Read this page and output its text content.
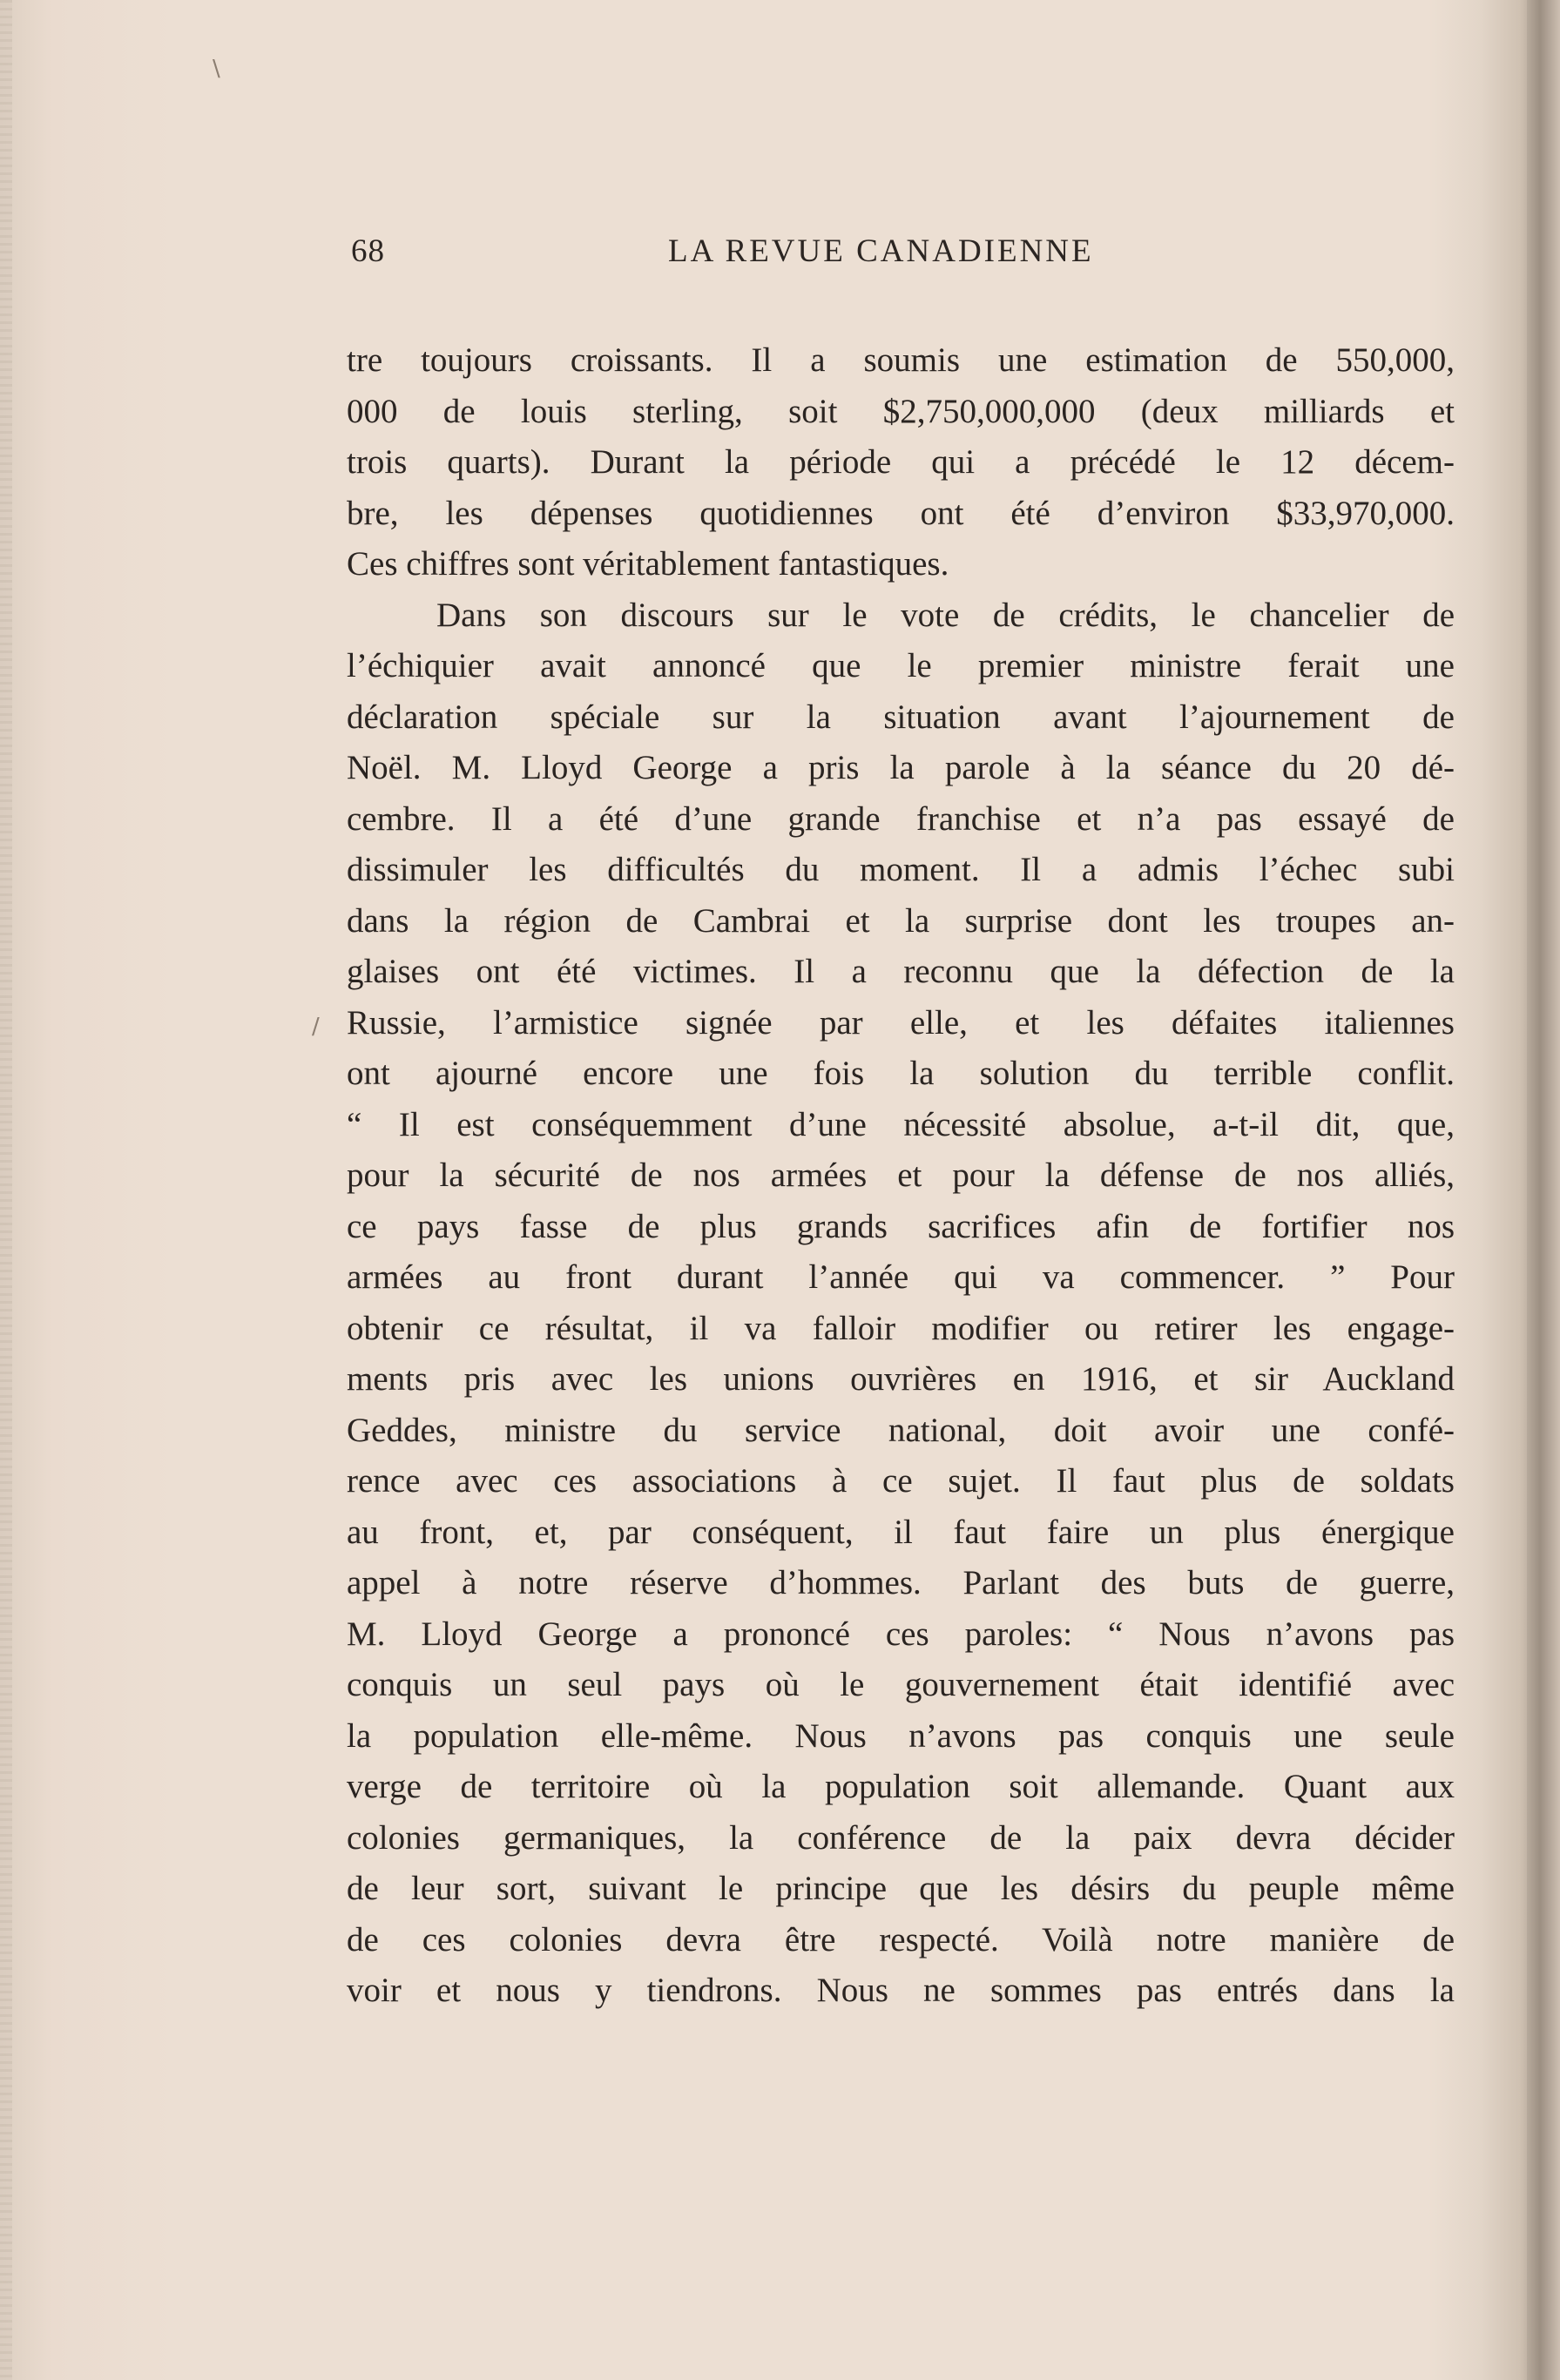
68	LA REVUE CANADIENNE
\
/
tre toujours croissants. Il a soumis une estimation de 550,000,
000 de louis sterling, soit $2,750,000,000 (deux milliards et
trois quarts). Durant la période qui a précédé le 12 décem-
bre, les dépenses quotidiennes ont été d’environ $33,970,000.
Ces chiffres sont véritablement fantastiques.
Dans son discours sur le vote de crédits, le chancelier de
l’échiquier avait annoncé que le premier ministre ferait une
déclaration spéciale sur la situation avant l’ajournement de
Noël. M. Lloyd George a pris la parole à la séance du 20 dé-
cembre. Il a été d’une grande franchise et n’a pas essayé de
dissimuler les difficultés du moment. Il a admis l’échec subi
dans la région de Cambrai et la surprise dont les troupes an-
glaises ont été victimes. Il a reconnu que la défection de la
Russie, l’armistice signée par elle, et les défaites italiennes
ont ajourné encore une fois la solution du terrible conflit.
“ Il est conséquemment d’une nécessité absolue, a-t-il dit, que,
pour la sécurité de nos armées et pour la défense de nos alliés,
ce pays fasse de plus grands sacrifices afin de fortifier nos
armées au front durant l’année qui va commencer. ” Pour
obtenir ce résultat, il va falloir modifier ou retirer les engage-
ments pris avec les unions ouvrières en 1916, et sir Auckland
Geddes, ministre du service national, doit avoir une confé-
rence avec ces associations à ce sujet. Il faut plus de soldats
au front, et, par conséquent, il faut faire un plus énergique
appel à notre réserve d’hommes. Parlant des buts de guerre,
M. Lloyd George a prononcé ces paroles: “ Nous n’avons pas
conquis un seul pays où le gouvernement était identifié avec
la population elle-même. Nous n’avons pas conquis une seule
verge de territoire où la population soit allemande. Quant aux
colonies germaniques, la conférence de la paix devra décider
de leur sort, suivant le principe que les désirs du peuple même
de ces colonies devra être respecté. Voilà notre manière de
voir et nous y tiendrons. Nous ne sommes pas entrés dans la
